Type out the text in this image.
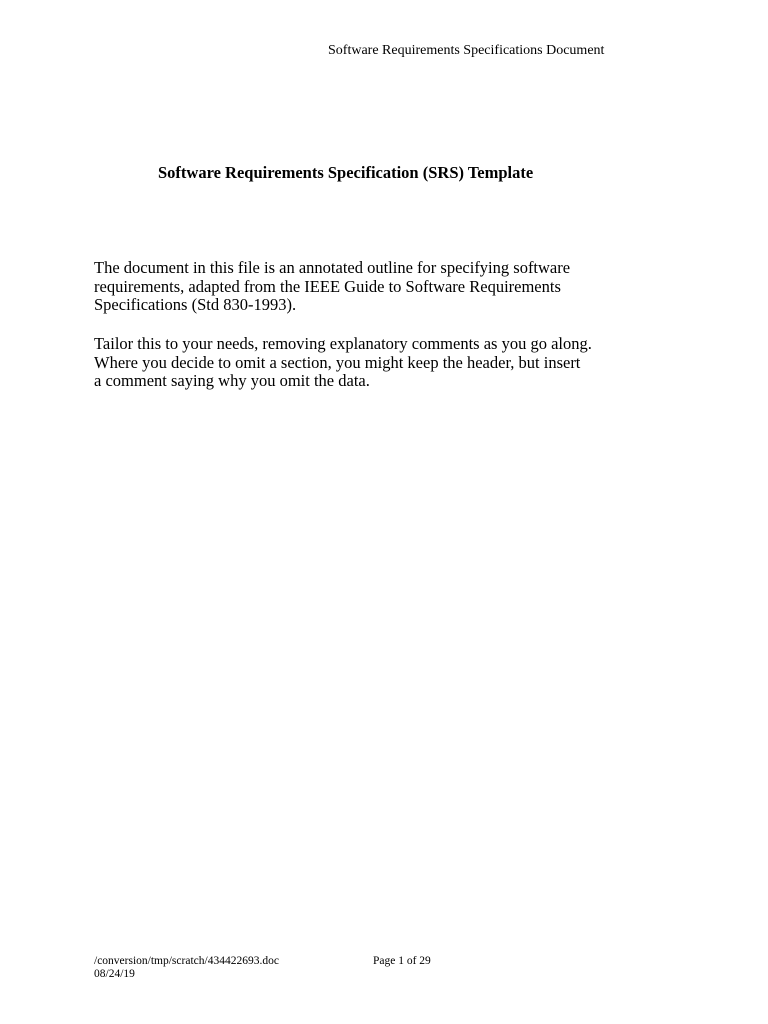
Software Requirements Specifications Document
Software Requirements Specification (SRS) Template

The document in this file is an annotated outline for specifying software
requirements, adapted from the IEEE Guide to Software Requirements
Specifications (Std 830-1993).

Tailor this to your needs, removing explanatory comments as you go along.
Where you decide to omit a section, you might keep the header, but insert
a comment saying why you omit the data.

/conversion/tmp/scratch/434422693.doc
08/24/19
Page 1 of 29
